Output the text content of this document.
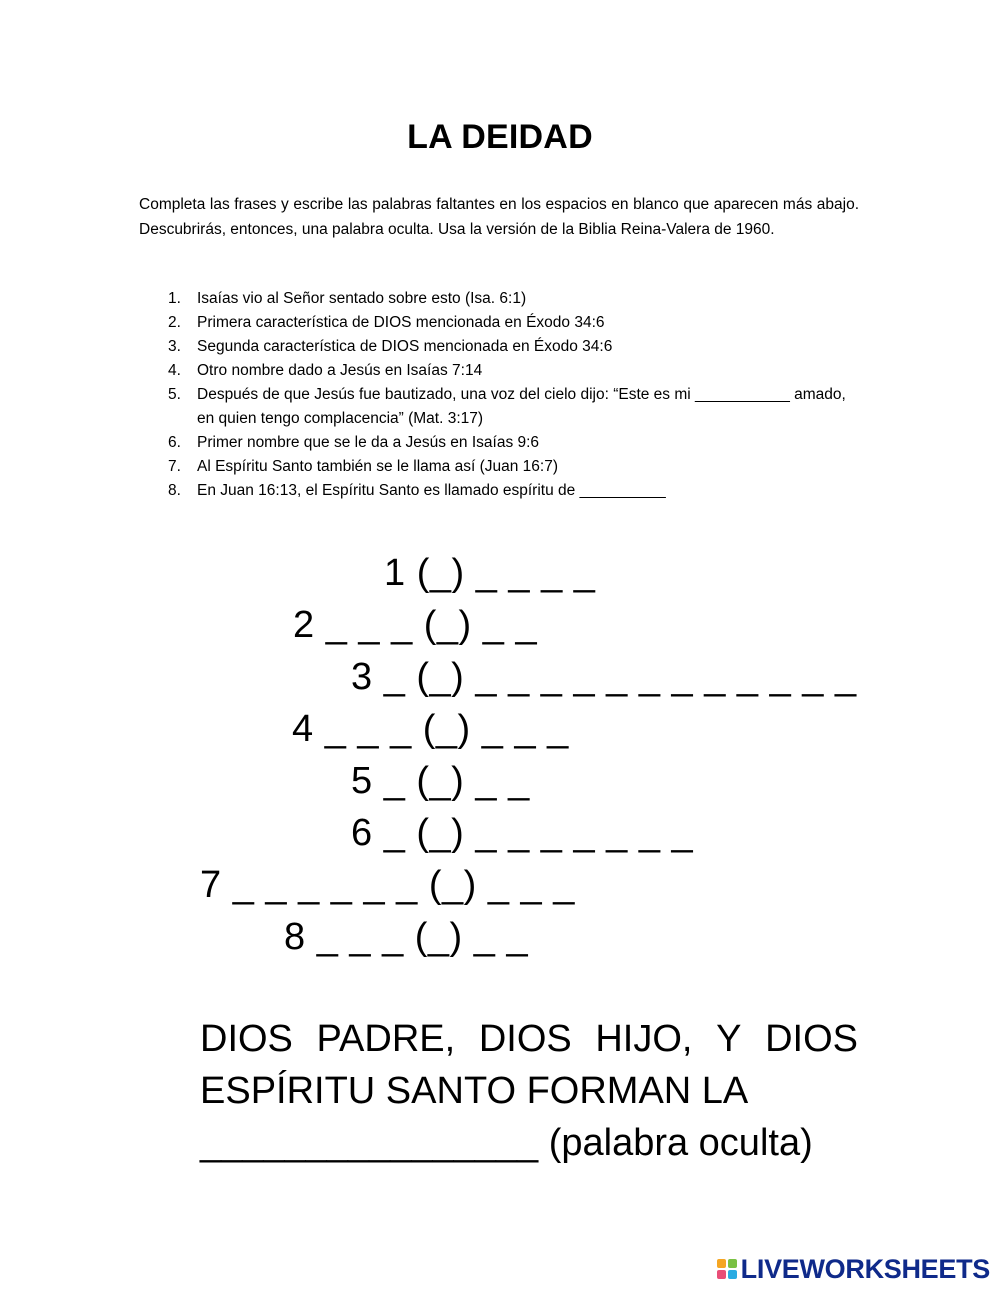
LA DEIDAD
Completa las frases y escribe las palabras faltantes en los espacios en blanco que aparecen más abajo. Descubrirás, entonces, una palabra oculta. Usa la versión de la Biblia Reina-Valera de 1960.
1. Isaías vio al Señor sentado sobre esto (Isa. 6:1)
2. Primera característica de DIOS mencionada en Éxodo 34:6
3. Segunda característica de DIOS mencionada en Éxodo 34:6
4. Otro nombre dado a Jesús en Isaías 7:14
5. Después de que Jesús fue bautizado, una voz del cielo dijo: “Este es mi ___________ amado, en quien tengo complacencia” (Mat. 3:17)
6. Primer nombre que se le da a Jesús en Isaías 9:6
7. Al Espíritu Santo también se le llama así (Juan 16:7)
8. En Juan 16:13, el Espíritu Santo es llamado espíritu de __________
1 (_) _ _ _ _
2 _ _ _ (_) _ _
3 _ (_) _ _ _ _ _ _ _ _ _ _ _ _
4 _ _ _ (_) _ _ _
5 _ (_) _ _
6 _ (_) _ _ _ _ _ _ _
7 _ _ _ _ _ _ (_) _ _ _
8 _ _ _ (_) _ _
DIOS PADRE, DIOS HIJO, Y DIOS
ESPÍRITU SANTO FORMAN LA
________________ (palabra oculta)
LIVEWORKSHEETS
